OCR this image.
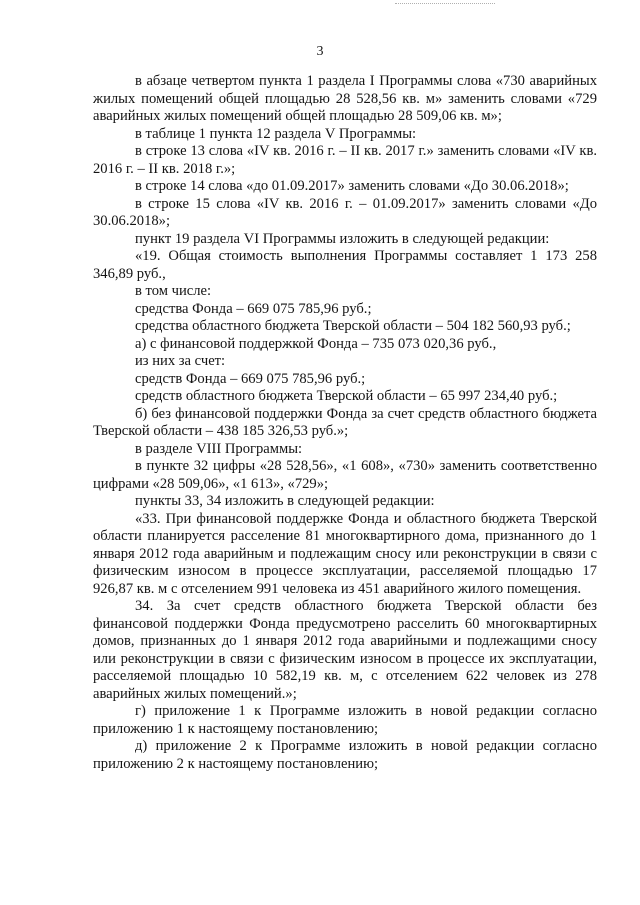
3

в абзаце четвертом пункта 1 раздела I Программы слова «730 аварийных жилых помещений общей площадью 28 528,56 кв. м» заменить словами «729 аварийных жилых помещений общей площадью 28 509,06 кв. м»;

в таблице 1 пункта 12 раздела V Программы:

в строке 13 слова «IV кв. 2016 г. – II кв. 2017 г.» заменить словами «IV кв. 2016 г. – II кв. 2018 г.»;

в строке 14 слова «до 01.09.2017» заменить словами «До 30.06.2018»;

в строке 15 слова «IV кв. 2016 г. – 01.09.2017» заменить словами «До 30.06.2018»;

пункт 19 раздела VI Программы изложить в следующей редакции:

«19. Общая стоимость выполнения Программы составляет 1 173 258 346,89 руб.,

в том числе:

средства Фонда – 669 075 785,96 руб.;

средства областного бюджета Тверской области – 504 182 560,93 руб.;

а) с финансовой поддержкой Фонда – 735 073 020,36 руб.,

из них за счет:

средств Фонда – 669 075 785,96 руб.;

средств областного бюджета Тверской области – 65 997 234,40 руб.;

б) без финансовой поддержки Фонда за счет средств областного бюджета Тверской области – 438 185 326,53 руб.»;

в разделе VIII Программы:

в пункте 32 цифры «28 528,56», «1 608», «730» заменить соответственно цифрами «28 509,06», «1 613», «729»;

пункты 33, 34 изложить в следующей редакции:

«33. При финансовой поддержке Фонда и областного бюджета Тверской области планируется расселение 81 многоквартирного дома, признанного до 1 января 2012 года аварийным и подлежащим сносу или реконструкции в связи с физическим износом в процессе эксплуатации, расселяемой площадью 17 926,87 кв. м с отселением 991 человека из 451 аварийного жилого помещения.

34. За счет средств областного бюджета Тверской области без финансовой поддержки Фонда предусмотрено расселить 60 многоквартирных домов, признанных до 1 января 2012 года аварийными и подлежащими сносу или реконструкции в связи с физическим износом в процессе их эксплуатации, расселяемой площадью 10 582,19 кв. м, с отселением 622 человек из 278 аварийных жилых помещений.»;

г) приложение 1 к Программе изложить в новой редакции согласно приложению 1 к настоящему постановлению;

д) приложение 2 к Программе изложить в новой редакции согласно приложению 2 к настоящему постановлению;
